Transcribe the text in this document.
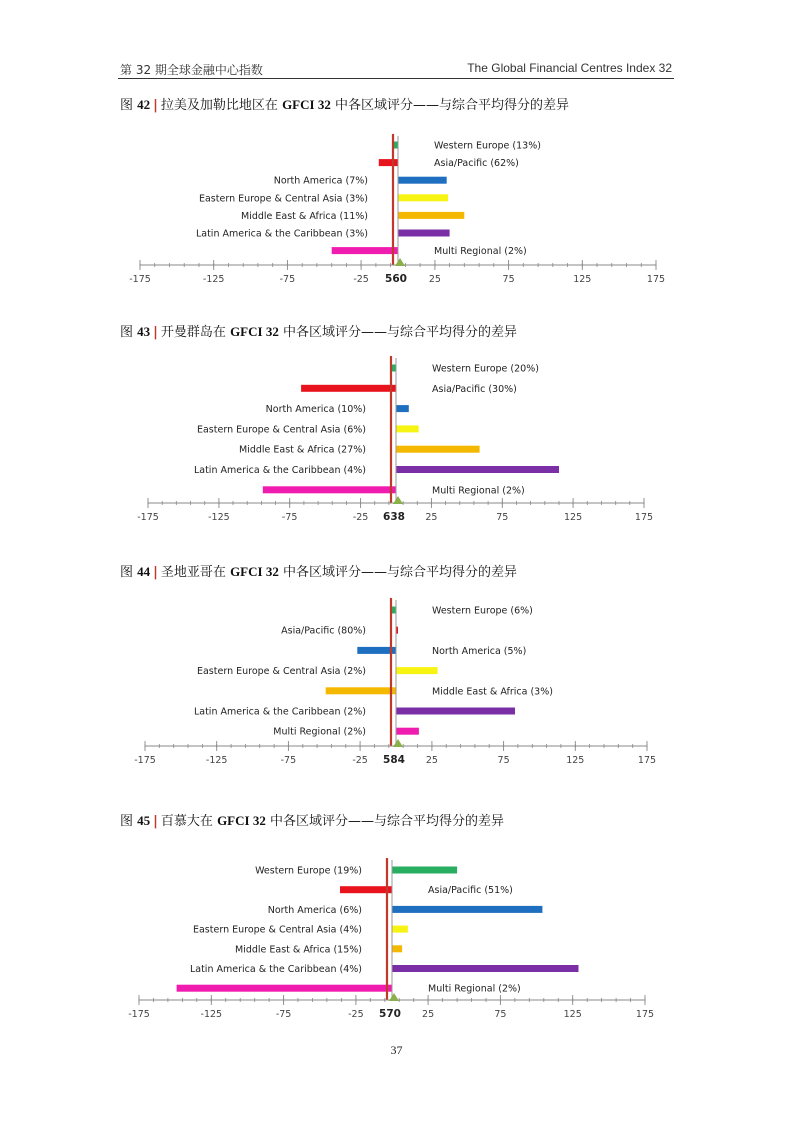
第 32 期全球金融中心指数	The Global Financial Centres Index 32
图 42 | 拉美及加勒比地区在 GFCI 32 中各区域评分——与综合平均得分的差异
Western Europe (13%)
Asia/Pacific (62%)
North America (7%)
Eastern Europe & Central Asia (3%)
Middle East & Africa (11%)
Latin America & the Caribbean (3%)
Multi Regional (2%)
-175	-125	-75	-25	25	75	125	175
560
图 43 | 开曼群岛在 GFCI 32 中各区域评分——与综合平均得分的差异
Western Europe (20%)
Asia/Pacific (30%)
North America (10%)
Eastern Europe & Central Asia (6%)
Middle East & Africa (27%)
Latin America & the Caribbean (4%)
Multi Regional (2%)
-175	-125	-75	-25	25	75	125	175
638
图 44 | 圣地亚哥在 GFCI 32 中各区域评分——与综合平均得分的差异
Western Europe (6%)
Asia/Pacific (80%)
North America (5%)
Eastern Europe & Central Asia (2%)
Middle East & Africa (3%)
Latin America & the Caribbean (2%)
Multi Regional (2%)
-175	-125	-75	-25	25	75	125	175
584
图 45 | 百慕大在 GFCI 32 中各区域评分——与综合平均得分的差异
Western Europe (19%)
Asia/Pacific (51%)
North America (6%)
Eastern Europe & Central Asia (4%)
Middle East & Africa (15%)
Latin America & the Caribbean (4%)
Multi Regional (2%)
-175	-125	-75	-25	25	75	125	175
570
37
